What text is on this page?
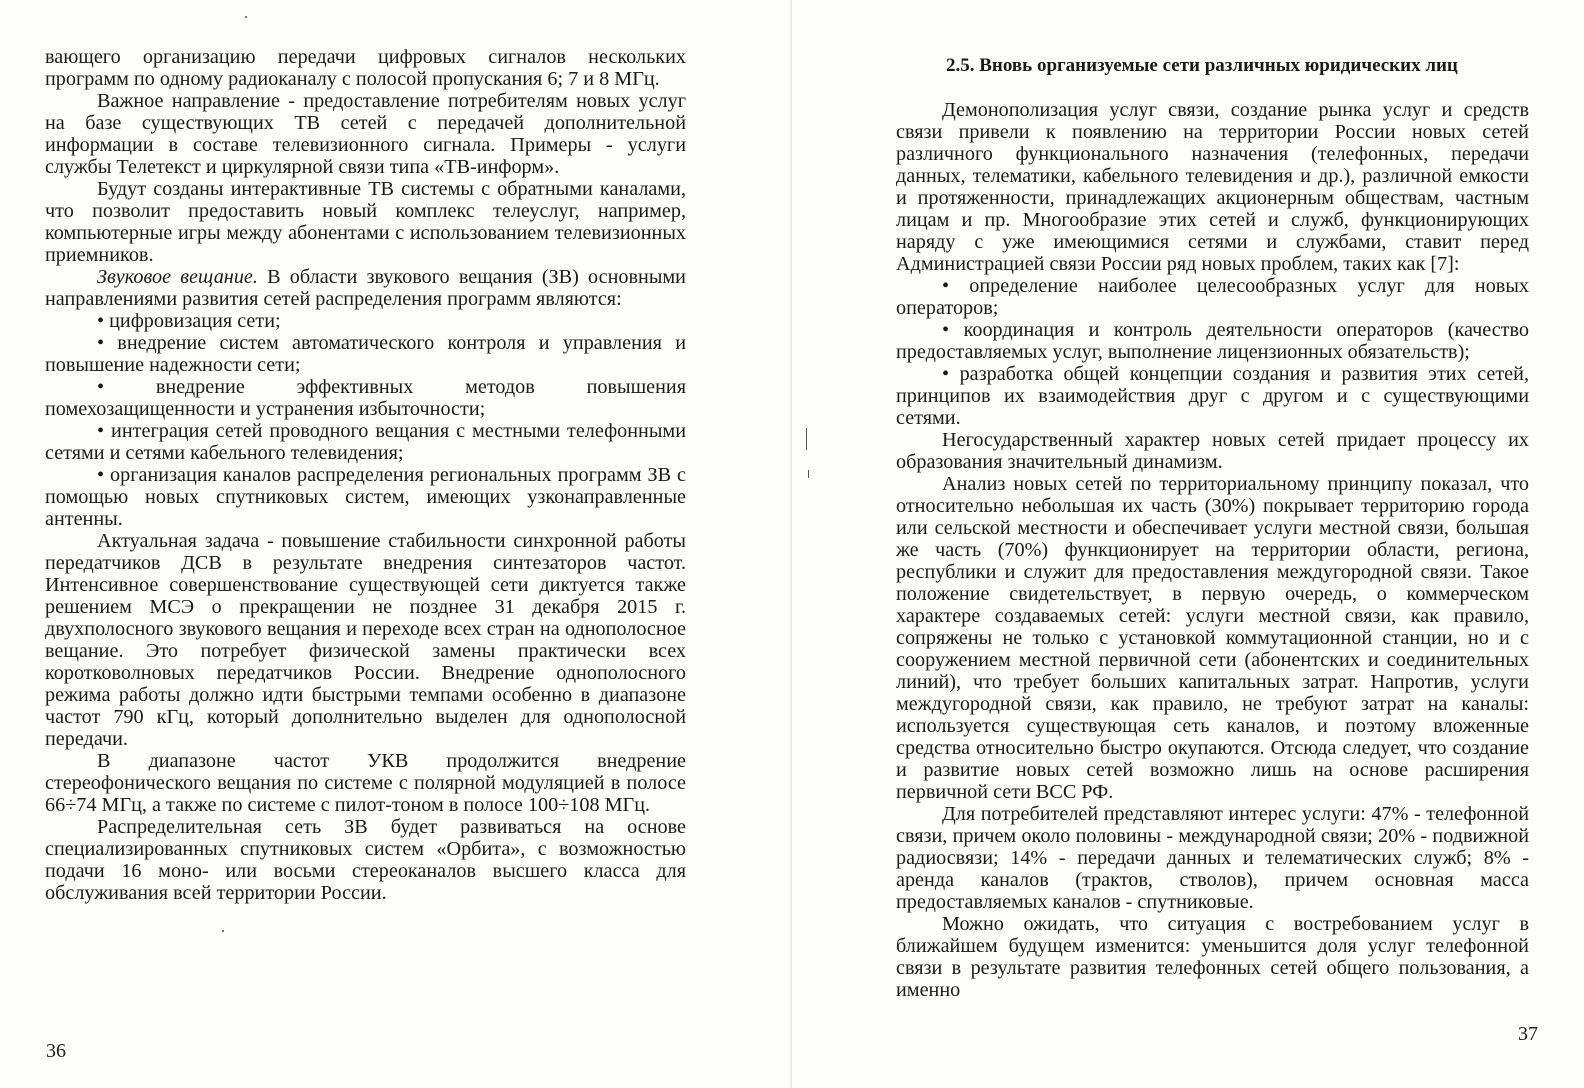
вающего организацию передачи цифровых сигналов нескольких программ по одному радиоканалу с полосой пропускания 6; 7 и 8 МГц.

Важное направление - предоставление потребителям новых услуг на базе существующих ТВ сетей с передачей дополнительной информации в составе телевизионного сигнала. Примеры - услуги службы Телетекст и циркулярной связи типа «ТВ-информ».

Будут созданы интерактивные ТВ системы с обратными каналами, что позволит предоставить новый комплекс телеуслуг, например, компьютерные игры между абонентами с использованием телевизионных приемников.

Звуковое вещание. В области звукового вещания (ЗВ) основными направлениями развития сетей распределения программ являются:

• цифровизация сети;

• внедрение систем автоматического контроля и управления и повышение надежности сети;

• внедрение эффективных методов повышения помехозащищенности и устранения избыточности;

• интеграция сетей проводного вещания с местными телефонными сетями и сетями кабельного телевидения;

• организация каналов распределения региональных программ ЗВ с помощью новых спутниковых систем, имеющих узконаправленные антенны.

Актуальная задача - повышение стабильности синхронной работы передатчиков ДСВ в результате внедрения синтезаторов частот. Интенсивное совершенствование существующей сети диктуется также решением МСЭ о прекращении не позднее 31 декабря 2015 г. двухполосного звукового вещания и переходе всех стран на однополосное вещание. Это потребует физической замены практически всех коротковолновых передатчиков России. Внедрение однополосного режима работы должно идти быстрыми темпами особенно в диапазоне частот 790 кГц, который дополнительно выделен для однополосной передачи.

В диапазоне частот УКВ продолжится внедрение стереофонического вещания по системе с полярной модуляцией в полосе 66÷74 МГц, а также по системе с пилот-тоном в полосе 100÷108 МГц.

Распределительная сеть ЗВ будет развиваться на основе специализированных спутниковых систем «Орбита», с возможностью подачи 16 моно- или восьми стереоканалов высшего класса для обслуживания всей территории России.

36
2.5. Вновь организуемые сети различных юридических лиц

Демонополизация услуг связи, создание рынка услуг и средств связи привели к появлению на территории России новых сетей различного функционального назначения (телефонных, передачи данных, телематики, кабельного телевидения и др.), различной емкости и протяженности, принадлежащих акционерным обществам, частным лицам и пр. Многообразие этих сетей и служб, функционирующих наряду с уже имеющимися сетями и службами, ставит перед Администрацией связи России ряд новых проблем, таких как [7]:

• определение наиболее целесообразных услуг для новых операторов;

• координация и контроль деятельности операторов (качество предоставляемых услуг, выполнение лицензионных обязательств);

• разработка общей концепции создания и развития этих сетей, принципов их взаимодействия друг с другом и с существующими сетями.

Негосударственный характер новых сетей придает процессу их образования значительный динамизм.

Анализ новых сетей по территориальному принципу показал, что относительно небольшая их часть (30%) покрывает территорию города или сельской местности и обеспечивает услуги местной связи, большая же часть (70%) функционирует на территории области, региона, республики и служит для предоставления междугородной связи. Такое положение свидетельствует, в первую очередь, о коммерческом характере создаваемых сетей: услуги местной связи, как правило, сопряжены не только с установкой коммутационной станции, но и с сооружением местной первичной сети (абонентских и соединительных линий), что требует больших капитальных затрат. Напротив, услуги междугородной связи, как правило, не требуют затрат на каналы: используется существующая сеть каналов, и поэтому вложенные средства относительно быстро окупаются. Отсюда следует, что создание и развитие новых сетей возможно лишь на основе расширения первичной сети ВСС РФ.

Для потребителей представляют интерес услуги: 47% - телефонной связи, причем около половины - международной связи; 20% - подвижной радиосвязи; 14% - передачи данных и телематических служб; 8% - аренда каналов (трактов, стволов), причем основная масса предоставляемых каналов - спутниковые.

Можно ожидать, что ситуация с востребованием услуг в ближайшем будущем изменится: уменьшится доля услуг телефонной связи в результате развития телефонных сетей общего пользования, а именно

37
